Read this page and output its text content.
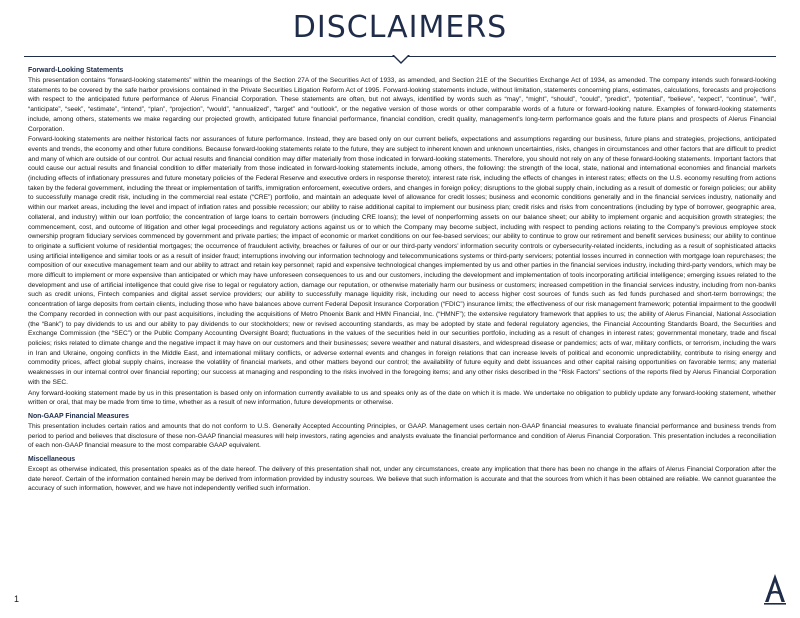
DISCLAIMERS
Forward-Looking Statements

This presentation contains “forward-looking statements” within the meanings of the Section 27A of the Securities Act of 1933, as amended, and Section 21E of the Securities Exchange Act of 1934, as amended. The company intends such forward-looking statements to be covered by the safe harbor provisions contained in the Private Securities Litigation Reform Act of 1995. Forward-looking statements include, without limitation, statements concerning plans, estimates, calculations, forecasts and projections with respect to the anticipated future performance of Alerus Financial Corporation. These statements are often, but not always, identified by words such as “may”, “might”, “should”, “could”, “predict”, “potential”, “believe”, “expect”, “continue”, “will”, “anticipate”, “seek”, “estimate”, “intend”, “plan”, “projection”, “would”, “annualized”, “target” and “outlook”, or the negative version of those words or other comparable words of a future or forward-looking nature. Examples of forward-looking statements include, among others, statements we make regarding our projected growth, anticipated future financial performance, financial condition, credit quality, management’s long-term performance goals and the future plans and prospects of Alerus Financial Corporation.

Forward-looking statements are neither historical facts nor assurances of future performance. Instead, they are based only on our current beliefs, expectations and assumptions regarding our business, future plans and strategies, projections, anticipated events and trends, the economy and other future conditions. Because forward-looking statements relate to the future, they are subject to inherent known and unknown uncertainties, risks, changes in circumstances and other factors that are difficult to predict and many of which are outside of our control. Our actual results and financial condition may differ materially from those indicated in forward-looking statements. Therefore, you should not rely on any of these forward-looking statements. Important factors that could cause our actual results and financial condition to differ materially from those indicated in forward-looking statements include, among others, the following: the strength of the local, state, national and international economies and financial markets (including effects of inflationary pressures and future monetary policies of the Federal Reserve and executive orders in response thereto); interest rate risk, including the effects of changes in interest rates; effects on the U.S. economy resulting from actions taken by the federal government, including the threat or implementation of tariffs, immigration enforcement, executive orders, and changes in foreign policy; disruptions to the global supply chain, including as a result of domestic or foreign policies; our ability to successfully manage credit risk, including in the commercial real estate (“CRE”) portfolio, and maintain an adequate level of allowance for credit losses; business and economic conditions generally and in the financial services industry, nationally and within our market areas, including the level and impact of inflation rates and possible recession; our ability to raise additional capital to implement our business plan; credit risks and risks from concentrations (including by type of borrower, geographic area, collateral, and industry) within our loan portfolio; the concentration of large loans to certain borrowers (including CRE loans); the level of nonperforming assets on our balance sheet; our ability to implement organic and acquisition growth strategies; the commencement, cost, and outcome of litigation and other legal proceedings and regulatory actions against us or to which the Company may become subject, including with respect to pending actions relating to the Company’s previous employee stock ownership program fiduciary services commenced by government and private parties; the impact of economic or market conditions on our fee-based services; our ability to continue to grow our retirement and benefit services business; our ability to continue to originate a sufficient volume of residential mortgages; the occurrence of fraudulent activity, breaches or failures of our or our third-party vendors’ information security controls or cybersecurity-related incidents, including as a result of sophisticated attacks using artificial intelligence and similar tools or as a result of insider fraud; interruptions involving our information technology and telecommunications systems or third-party servicers; potential losses incurred in connection with mortgage loan repurchases; the composition of our executive management team and our ability to attract and retain key personnel; rapid and expensive technological changes implemented by us and other parties in the financial services industry, including third-party vendors, which may be more difficult to implement or more expensive than anticipated or which may have unforeseen consequences to us and our customers, including the development and implementation of tools incorporating artificial intelligence; emerging issues related to the development and use of artificial intelligence that could give rise to legal or regulatory action, damage our reputation, or otherwise materially harm our business or customers; increased competition in the financial services industry, including from non-banks such as credit unions, Fintech companies and digital asset service providers; our ability to successfully manage liquidity risk, including our need to access higher cost sources of funds such as fed funds purchased and short-term borrowings; the concentration of large deposits from certain clients, including those who have balances above current Federal Deposit Insurance Corporation (“FDIC”) insurance limits; the effectiveness of our risk management framework; potential impairment to the goodwill the Company recorded in connection with our past acquisitions, including the acquisitions of Metro Phoenix Bank and HMN Financial, Inc. (“HMNF”); the extensive regulatory framework that applies to us; the ability of Alerus Financial, National Association (the “Bank”) to pay dividends to us and our ability to pay dividends to our stockholders; new or revised accounting standards, as may be adopted by state and federal regulatory agencies, the Financial Accounting Standards Board, the Securities and Exchange Commission (the “SEC”) or the Public Company Accounting Oversight Board; fluctuations in the values of the securities held in our securities portfolio, including as a result of changes in interest rates; governmental monetary, trade and fiscal policies; risks related to climate change and the negative impact it may have on our customers and their businesses; severe weather and natural disasters, and widespread disease or pandemics; acts of war, military conflicts, or terrorism, including the wars in Iran and Ukraine, ongoing conflicts in the Middle East, and international military conflicts, or adverse external events and changes in foreign relations that can increase levels of political and economic unpredictability, contribute to rising energy and commodity prices, affect global supply chains, increase the volatility of financial markets, and other matters beyond our control; the availability of future equity and debt issuances and other capital raising opportunities on favorable terms; any material weaknesses in our internal control over financial reporting; our success at managing and responding to the risks involved in the foregoing items; and any other risks described in the “Risk Factors” sections of the reports filed by Alerus Financial Corporation with the SEC.

Any forward-looking statement made by us in this presentation is based only on information currently available to us and speaks only as of the date on which it is made. We undertake no obligation to publicly update any forward-looking statement, whether written or oral, that may be made from time to time, whether as a result of new information, future developments or otherwise.

Non-GAAP Financial Measures

This presentation includes certain ratios and amounts that do not conform to U.S. Generally Accepted Accounting Principles, or GAAP. Management uses certain non-GAAP financial measures to evaluate financial performance and business trends from period to period and believes that disclosure of these non-GAAP financial measures will help investors, rating agencies and analysts evaluate the financial performance and condition of Alerus Financial Corporation. This presentation includes a reconciliation of each non-GAAP financial measure to the most comparable GAAP equivalent.

Miscellaneous

Except as otherwise indicated, this presentation speaks as of the date hereof. The delivery of this presentation shall not, under any circumstances, create any implication that there has been no change in the affairs of Alerus Financial Corporation after the date hereof. Certain of the information contained herein may be derived from information provided by industry sources. We believe that such information is accurate and that the sources from which it has been obtained are reliable. We cannot guarantee the accuracy of such information, however, and we have not independently verified such information.

1
